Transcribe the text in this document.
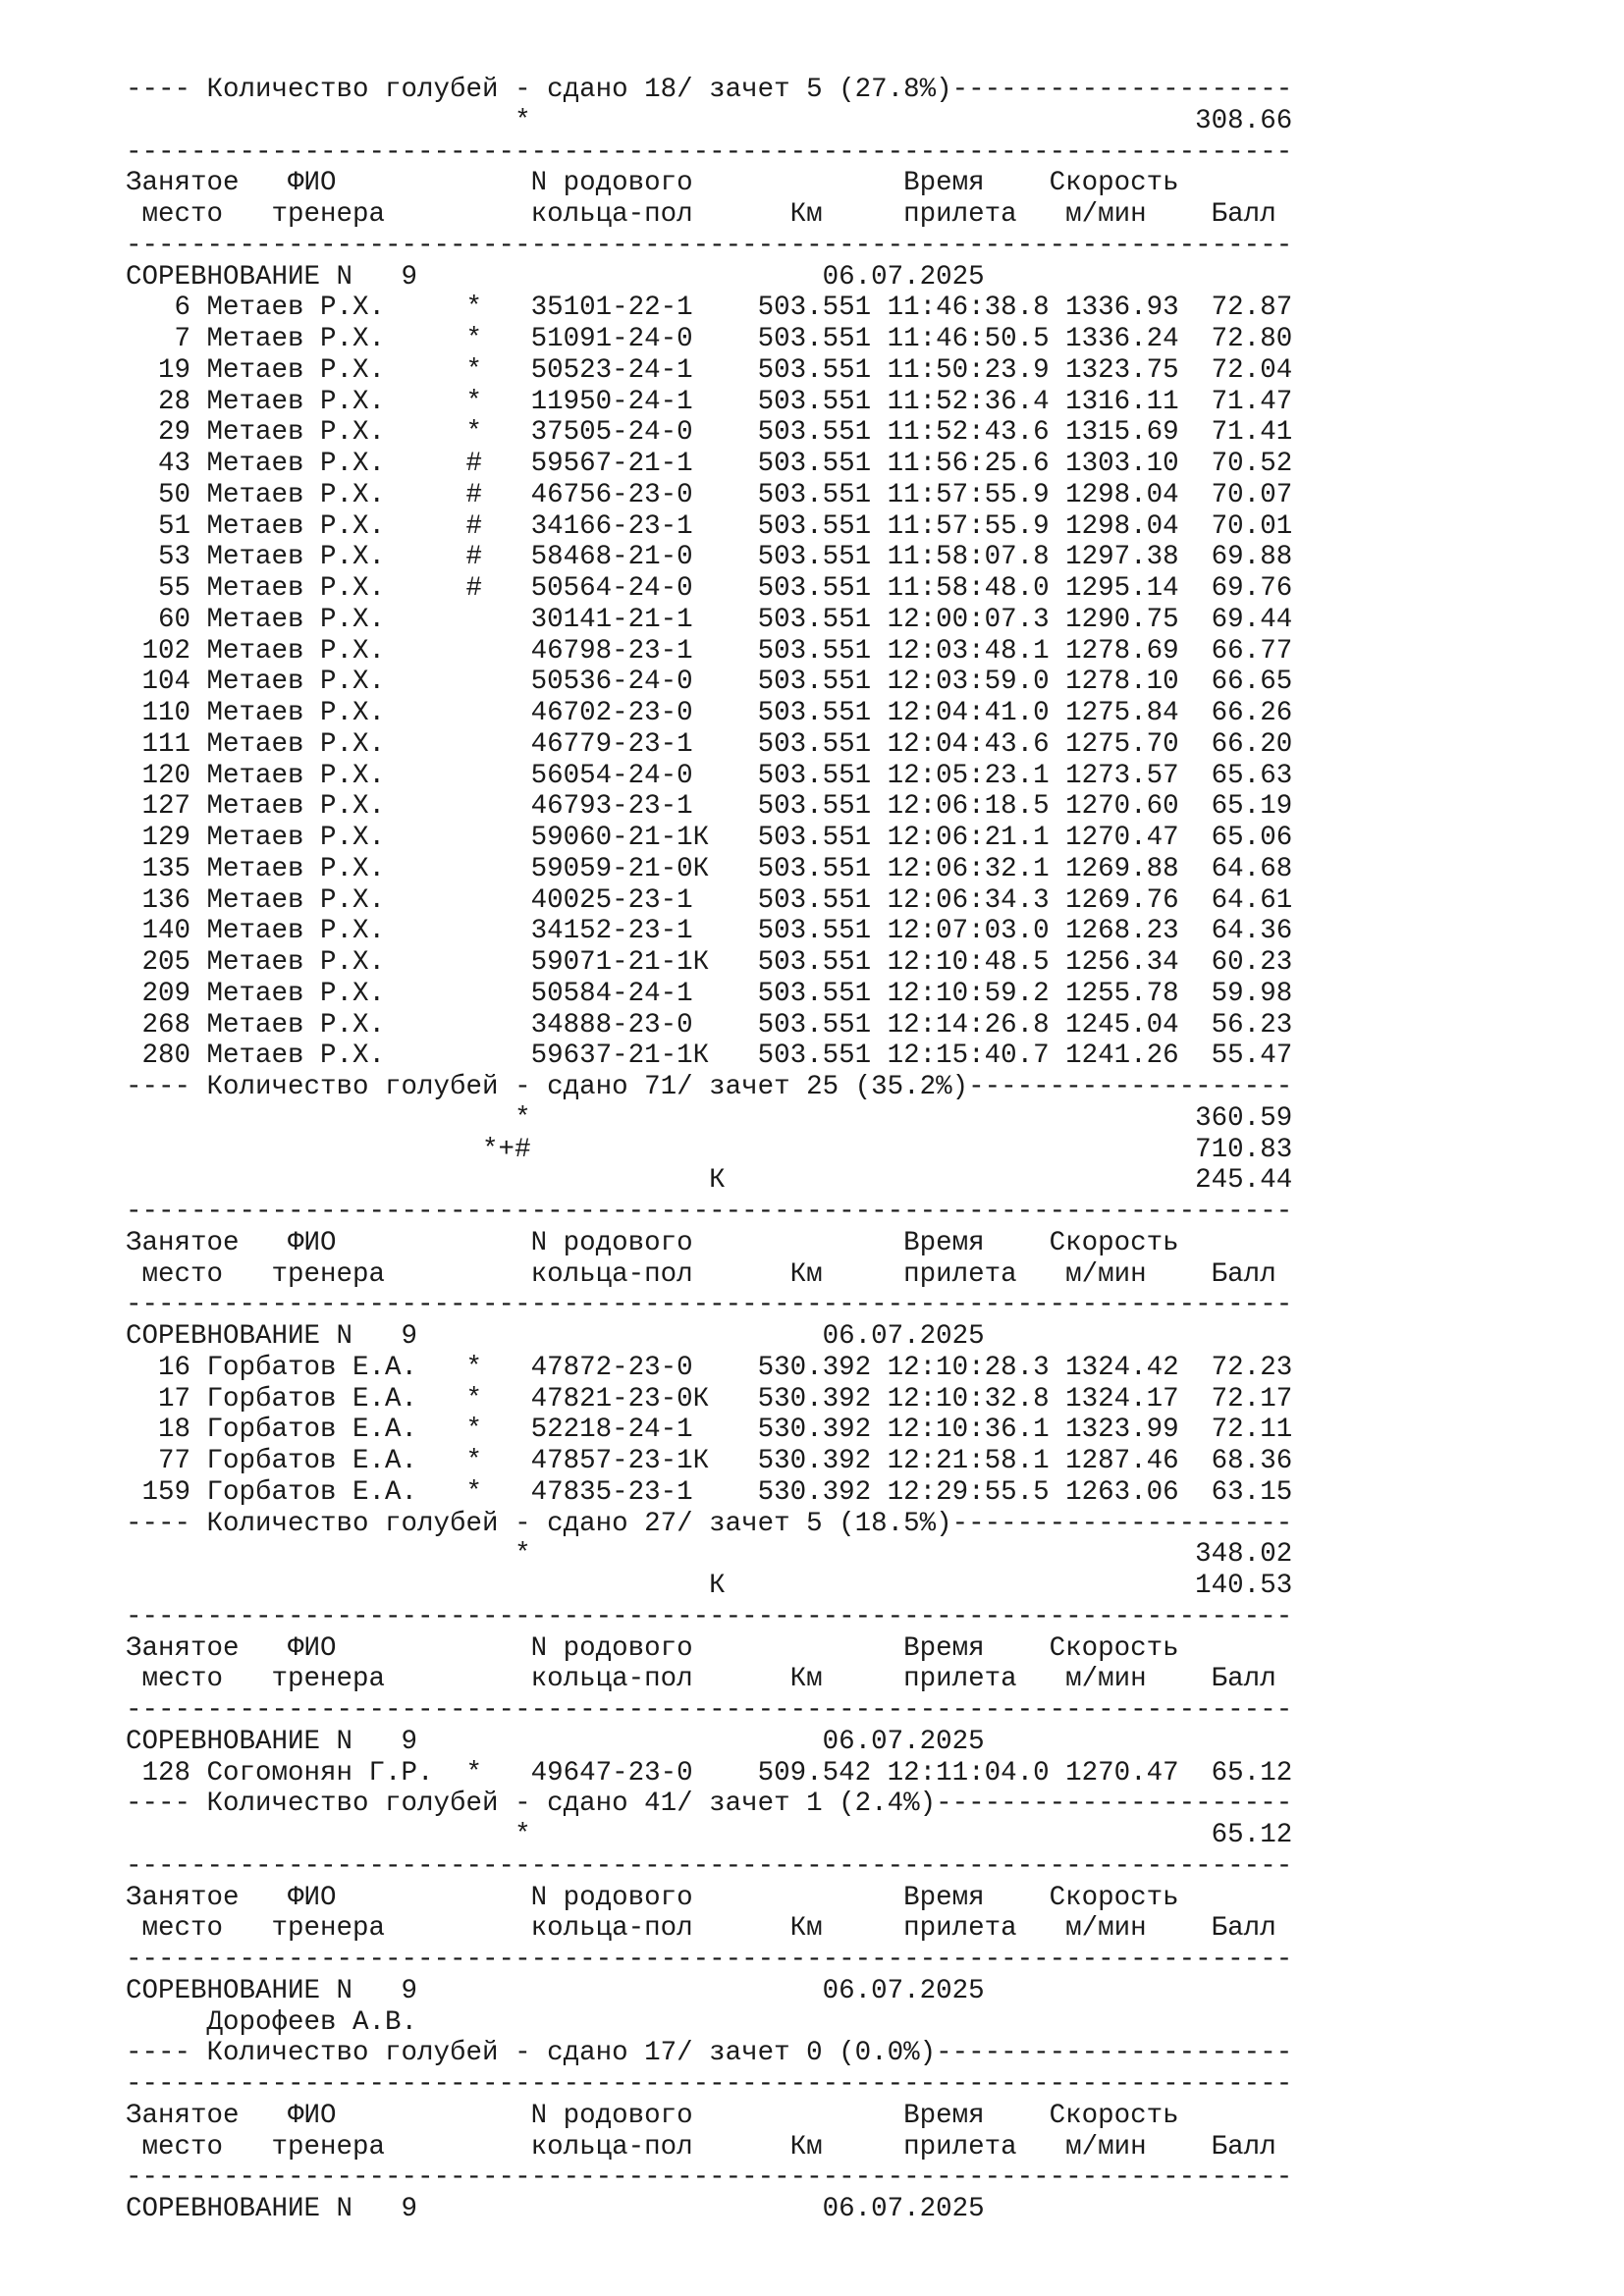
---- Количество голубей - сдано 18/ зачет 5 (27.8%)---------------------
*                                         308.66
------------------------------------------------------------------------
Занятое   ФИО            N родового             Время    Скорость
место   тренера         кольца-пол      Км     прилета   м/мин    Балл
------------------------------------------------------------------------
СОРЕВНОВАНИЕ N   9                         06.07.2025
6 Метаев Р.Х.     *   35101-22-1    503.551 11:46:38.8 1336.93  72.87
7 Метаев Р.Х.     *   51091-24-0    503.551 11:46:50.5 1336.24  72.80
19 Метаев Р.Х.     *   50523-24-1    503.551 11:50:23.9 1323.75  72.04
28 Метаев Р.Х.     *   11950-24-1    503.551 11:52:36.4 1316.11  71.47
29 Метаев Р.Х.     *   37505-24-0    503.551 11:52:43.6 1315.69  71.41
43 Метаев Р.Х.     #   59567-21-1    503.551 11:56:25.6 1303.10  70.52
50 Метаев Р.Х.     #   46756-23-0    503.551 11:57:55.9 1298.04  70.07
51 Метаев Р.Х.     #   34166-23-1    503.551 11:57:55.9 1298.04  70.01
53 Метаев Р.Х.     #   58468-21-0    503.551 11:58:07.8 1297.38  69.88
55 Метаев Р.Х.     #   50564-24-0    503.551 11:58:48.0 1295.14  69.76
60 Метаев Р.Х.         30141-21-1    503.551 12:00:07.3 1290.75  69.44
102 Метаев Р.Х.         46798-23-1    503.551 12:03:48.1 1278.69  66.77
104 Метаев Р.Х.         50536-24-0    503.551 12:03:59.0 1278.10  66.65
110 Метаев Р.Х.         46702-23-0    503.551 12:04:41.0 1275.84  66.26
111 Метаев Р.Х.         46779-23-1    503.551 12:04:43.6 1275.70  66.20
120 Метаев Р.Х.         56054-24-0    503.551 12:05:23.1 1273.57  65.63
127 Метаев Р.Х.         46793-23-1    503.551 12:06:18.5 1270.60  65.19
129 Метаев Р.Х.         59060-21-1К   503.551 12:06:21.1 1270.47  65.06
135 Метаев Р.Х.         59059-21-0К   503.551 12:06:32.1 1269.88  64.68
136 Метаев Р.Х.         40025-23-1    503.551 12:06:34.3 1269.76  64.61
140 Метаев Р.Х.         34152-23-1    503.551 12:07:03.0 1268.23  64.36
205 Метаев Р.Х.         59071-21-1К   503.551 12:10:48.5 1256.34  60.23
209 Метаев Р.Х.         50584-24-1    503.551 12:10:59.2 1255.78  59.98
268 Метаев Р.Х.         34888-23-0    503.551 12:14:26.8 1245.04  56.23
280 Метаев Р.Х.         59637-21-1К   503.551 12:15:40.7 1241.26  55.47
---- Количество голубей - сдано 71/ зачет 25 (35.2%)--------------------
*                                         360.59
*+#                                         710.83
К                             245.44
------------------------------------------------------------------------
Занятое   ФИО            N родового             Время    Скорость
место   тренера         кольца-пол      Км     прилета   м/мин    Балл
------------------------------------------------------------------------
СОРЕВНОВАНИЕ N   9                         06.07.2025
16 Горбатов Е.А.   *   47872-23-0    530.392 12:10:28.3 1324.42  72.23
17 Горбатов Е.А.   *   47821-23-0К   530.392 12:10:32.8 1324.17  72.17
18 Горбатов Е.А.   *   52218-24-1    530.392 12:10:36.1 1323.99  72.11
77 Горбатов Е.А.   *   47857-23-1К   530.392 12:21:58.1 1287.46  68.36
159 Горбатов Е.А.   *   47835-23-1    530.392 12:29:55.5 1263.06  63.15
---- Количество голубей - сдано 27/ зачет 5 (18.5%)---------------------
*                                         348.02
К                             140.53
------------------------------------------------------------------------
Занятое   ФИО            N родового             Время    Скорость
место   тренера         кольца-пол      Км     прилета   м/мин    Балл
------------------------------------------------------------------------
СОРЕВНОВАНИЕ N   9                         06.07.2025
128 Согомонян Г.Р.  *   49647-23-0    509.542 12:11:04.0 1270.47  65.12
---- Количество голубей - сдано 41/ зачет 1 (2.4%)----------------------
*                                          65.12
------------------------------------------------------------------------
Занятое   ФИО            N родового             Время    Скорость
место   тренера         кольца-пол      Км     прилета   м/мин    Балл
------------------------------------------------------------------------
СОРЕВНОВАНИЕ N   9                         06.07.2025
Дорофеев А.В.
---- Количество голубей - сдано 17/ зачет 0 (0.0%)----------------------
------------------------------------------------------------------------
Занятое   ФИО            N родового             Время    Скорость
место   тренера         кольца-пол      Км     прилета   м/мин    Балл
------------------------------------------------------------------------
СОРЕВНОВАНИЕ N   9                         06.07.2025
